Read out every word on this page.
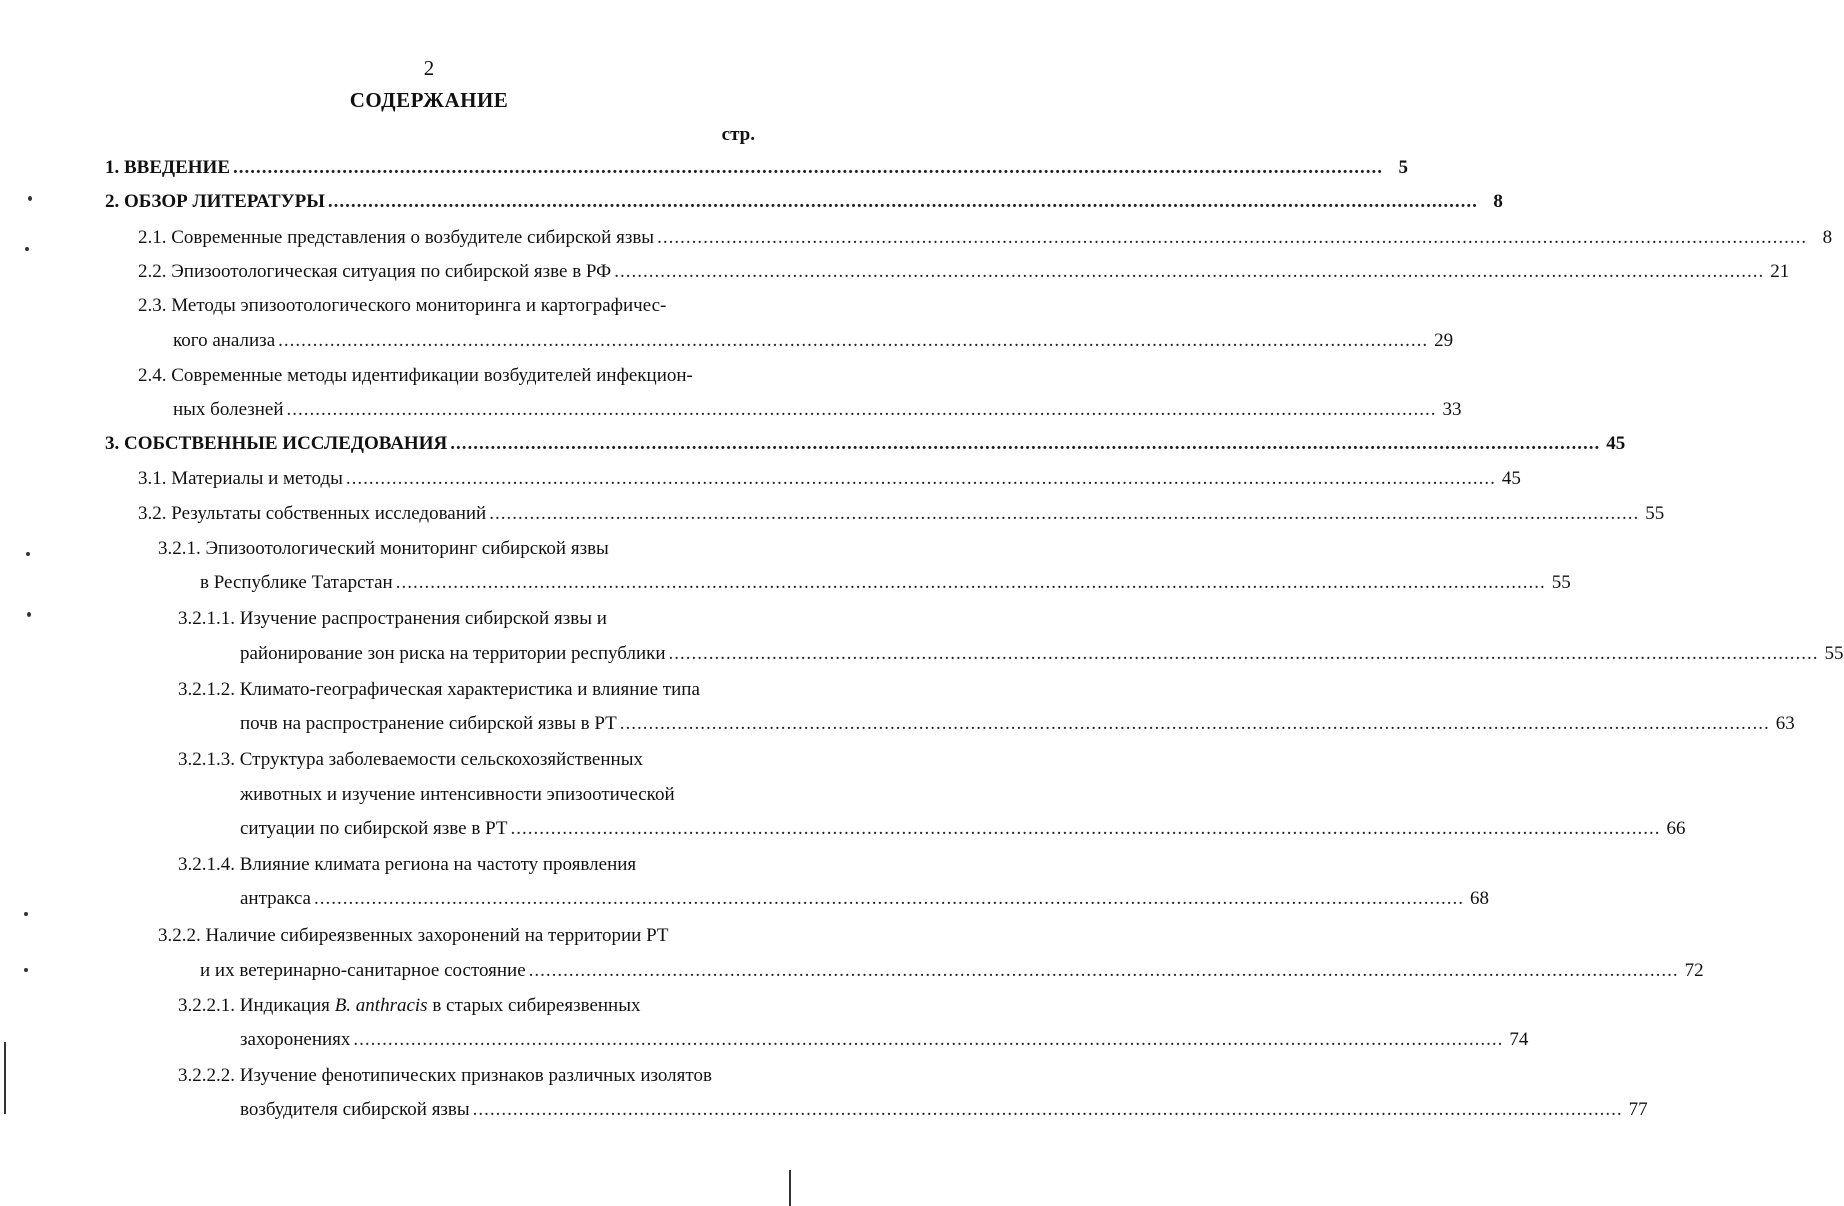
2
СОДЕРЖАНИЕ
стр.
1. ВВЕДЕНИЕ .....	5
2. ОБЗОР ЛИТЕРАТУРЫ .....	8
2.1. Современные представления о возбудителе сибирской язвы .....	8
2.2. Эпизоотологическая ситуация по сибирской язве в РФ .....	21
2.3. Методы эпизоотологического мониторинга и картографичес-
кого анализа .....	29
2.4. Современные методы идентификации возбудителей инфекцион-
ных болезней .....	33
3. СОБСТВЕННЫЕ ИССЛЕДОВАНИЯ .....	45
3.1. Материалы и методы .....	45
3.2. Результаты собственных исследований .....	55
3.2.1. Эпизоотологический мониторинг сибирской язвы
в Республике Татарстан .....	55
3.2.1.1. Изучение распространения сибирской язвы и
районирование зон риска на территории республики .....	55
3.2.1.2. Климато-географическая характеристика и влияние типа
почв на распространение сибирской язвы в РТ .....	63
3.2.1.3. Структура заболеваемости сельскохозяйственных
животных и изучение интенсивности эпизоотической
ситуации по сибирской язве в РТ .....	66
3.2.1.4. Влияние климата региона на частоту проявления
антракса .....	68
3.2.2. Наличие сибиреязвенных захоронений на территории РТ
и их ветеринарно-санитарное состояние .....	72
3.2.2.1. Индикация B. anthracis в старых сибиреязвенных
захоронениях .....	74
3.2.2.2. Изучение фенотипических признаков различных изолятов
возбудителя сибирской язвы .....	77
